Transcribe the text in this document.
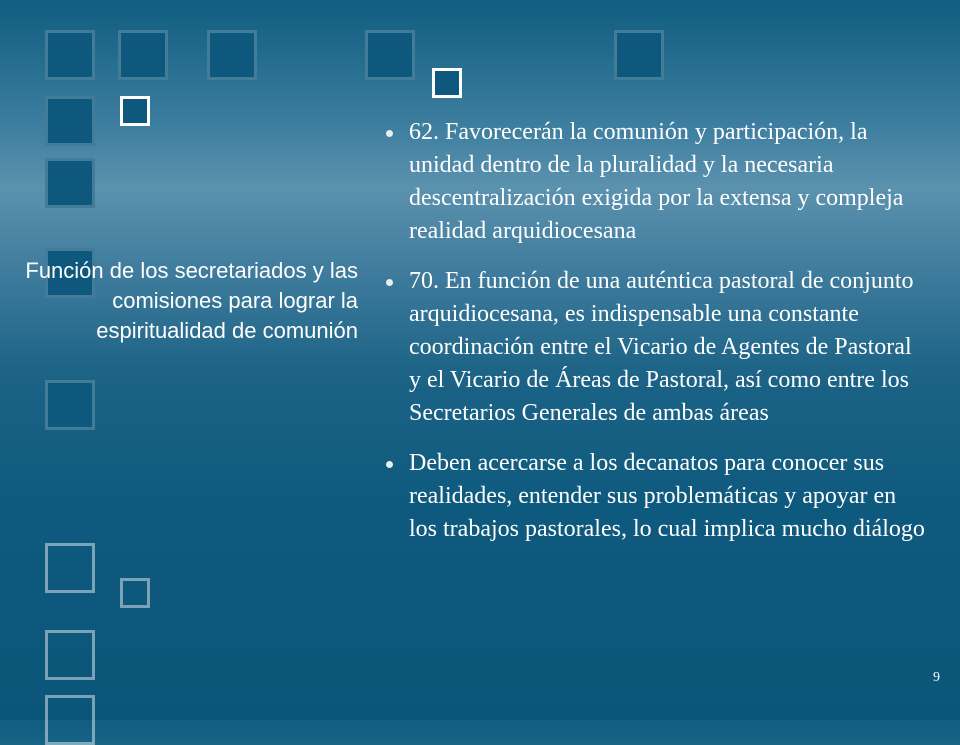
Función de los secretariados y las comisiones para lograr la espiritualidad de comunión
62. Favorecerán la comunión y participación, la unidad dentro de la pluralidad y la necesaria descentralización exigida por la extensa y compleja realidad arquidiocesana
70. En función de una auténtica pastoral de conjunto arquidiocesana, es indispensable una constante coordinación entre el Vicario de Agentes de Pastoral y el Vicario de Áreas de Pastoral, así como entre los Secretarios Generales de ambas áreas
Deben acercarse a los decanatos para conocer sus realidades, entender sus problemáticas y apoyar en los trabajos pastorales, lo cual implica mucho diálogo
9
